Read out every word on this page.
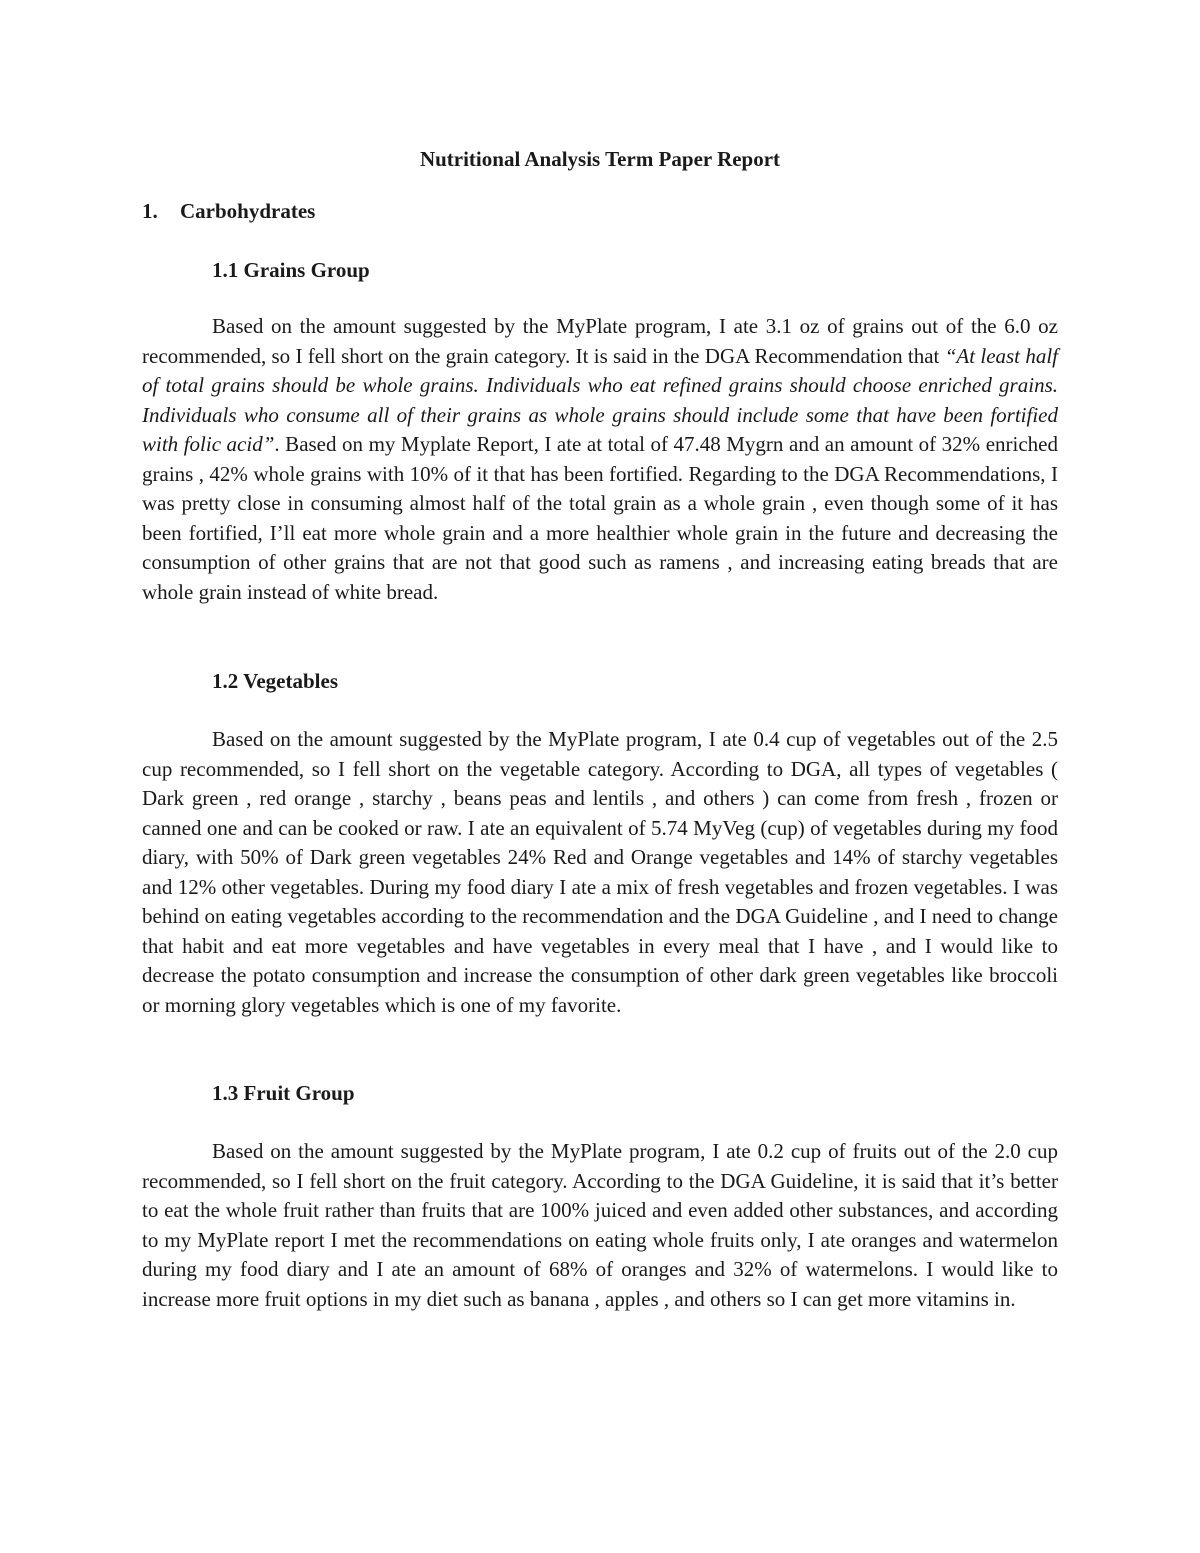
Nutritional Analysis Term Paper Report
1. Carbohydrates
1.1 Grains Group

Based on the amount suggested by the MyPlate program, I ate 3.1 oz of grains out of the 6.0 oz recommended, so I fell short on the grain category. It is said in the DGA Recommendation that “At least half of total grains should be whole grains. Individuals who eat refined grains should choose enriched grains. Individuals who consume all of their grains as whole grains should include some that have been fortified with folic acid”. Based on my Myplate Report, I ate at total of 47.48 Mygrn and an amount of 32% enriched grains , 42% whole grains with 10% of it that has been fortified. Regarding to the DGA Recommendations, I was pretty close in consuming almost half of the total grain as a whole grain , even though some of it has been fortified, I’ll eat more whole grain and a more healthier whole grain in the future and decreasing the consumption of other grains that are not that good such as ramens , and increasing eating breads that are whole grain instead of white bread.

1.2 Vegetables

Based on the amount suggested by the MyPlate program, I ate 0.4 cup of vegetables out of the 2.5 cup recommended, so I fell short on the vegetable category. According to DGA, all types of vegetables ( Dark green , red orange , starchy , beans peas and lentils , and others ) can come from fresh , frozen or canned one and can be cooked or raw. I ate an equivalent of 5.74 MyVeg (cup) of vegetables during my food diary, with 50% of Dark green vegetables 24% Red and Orange vegetables and 14% of starchy vegetables and 12% other vegetables. During my food diary I ate a mix of fresh vegetables and frozen vegetables. I was behind on eating vegetables according to the recommendation and the DGA Guideline , and I need to change that habit and eat more vegetables and have vegetables in every meal that I have , and I would like to decrease the potato consumption and increase the consumption of other dark green vegetables like broccoli or morning glory vegetables which is one of my favorite.

1.3 Fruit Group

Based on the amount suggested by the MyPlate program, I ate 0.2 cup of fruits out of the 2.0 cup recommended, so I fell short on the fruit category. According to the DGA Guideline, it is said that it’s better to eat the whole fruit rather than fruits that are 100% juiced and even added other substances, and according to my MyPlate report I met the recommendations on eating whole fruits only, I ate oranges and watermelon during my food diary and I ate an amount of 68% of oranges and 32% of watermelons. I would like to increase more fruit options in my diet such as banana , apples , and others so I can get more vitamins in.
